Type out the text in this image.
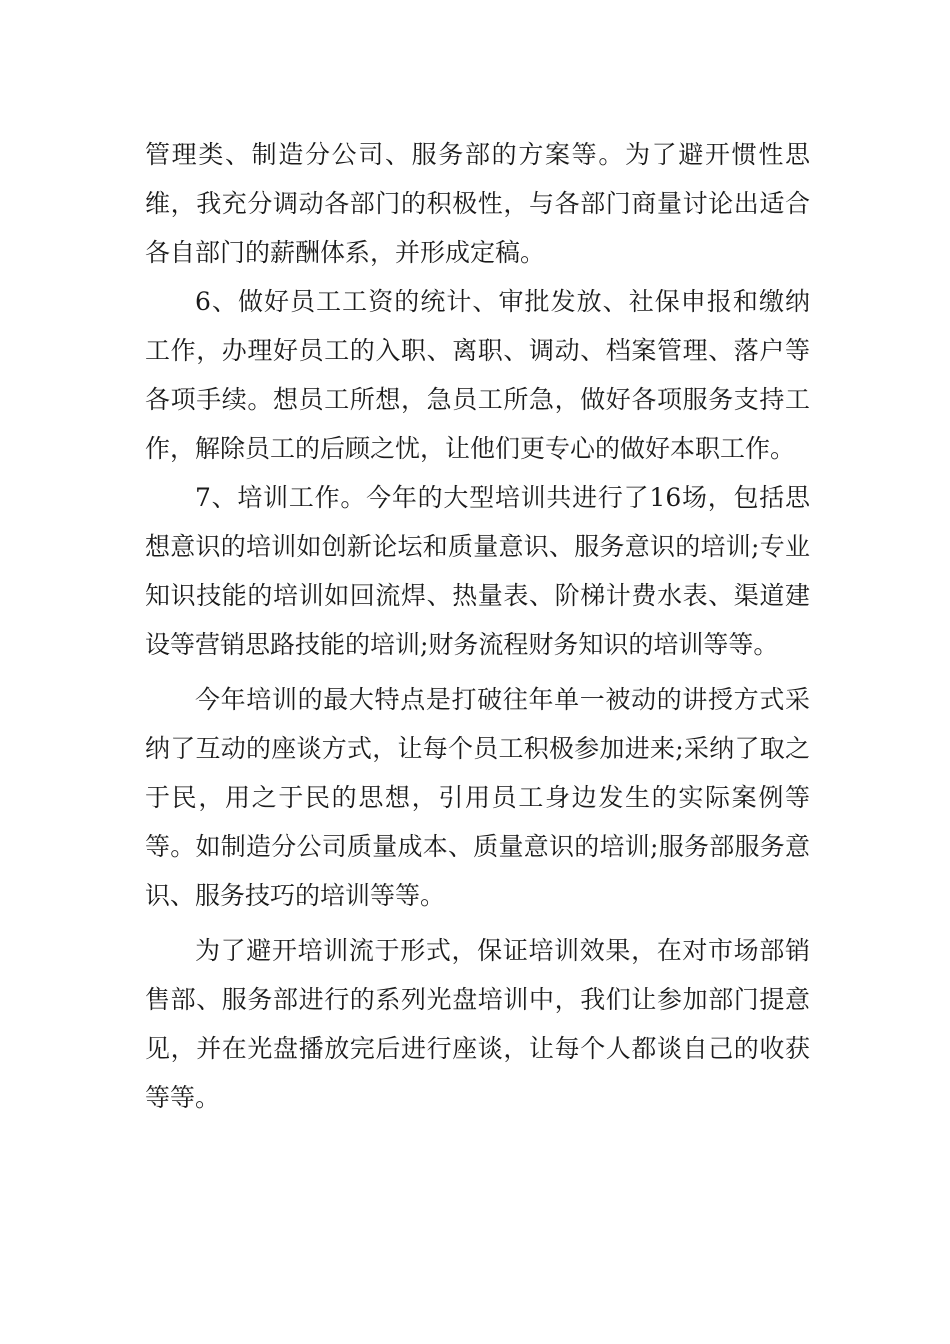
管理类、制造分公司、服务部的方案等。为了避开惯性思维，我充分调动各部门的积极性，与各部门商量讨论出适合各自部门的薪酬体系，并形成定稿。

6、做好员工工资的统计、审批发放、社保申报和缴纳工作，办理好员工的入职、离职、调动、档案管理、落户等各项手续。想员工所想，急员工所急，做好各项服务支持工作，解除员工的后顾之忧，让他们更专心的做好本职工作。

7、培训工作。今年的大型培训共进行了16场，包括思想意识的培训如创新论坛和质量意识、服务意识的培训;专业知识技能的培训如回流焊、热量表、阶梯计费水表、渠道建设等营销思路技能的培训;财务流程财务知识的培训等等。

今年培训的最大特点是打破往年单一被动的讲授方式采纳了互动的座谈方式，让每个员工积极参加进来;采纳了取之于民，用之于民的思想，引用员工身边发生的实际案例等等。如制造分公司质量成本、质量意识的培训;服务部服务意识、服务技巧的培训等等。

为了避开培训流于形式，保证培训效果，在对市场部销售部、服务部进行的系列光盘培训中，我们让参加部门提意见，并在光盘播放完后进行座谈，让每个人都谈自己的收获等等。
